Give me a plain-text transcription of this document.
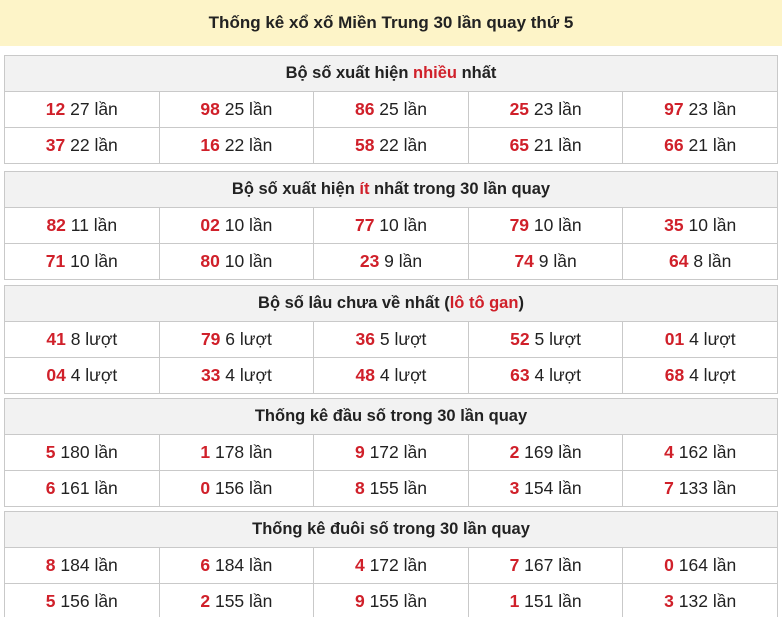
Thống kê xổ xố Miền Trung 30 lần quay thứ 5
Bộ số xuất hiện nhiều nhất				
12 27 lần	98 25 lần	86 25 lần	25 23 lần	97 23 lần
37 22 lần	16 22 lần	58 22 lần	65 21 lần	66 21 lần
Bộ số xuất hiện ít nhất trong 30 lần quay				
82 11 lần	02 10 lần	77 10 lần	79 10 lần	35 10 lần
71 10 lần	80 10 lần	23 9 lần	74 9 lần	64 8 lần
Bộ số lâu chưa về nhất (lô tô gan)				
41 8 lượt	79 6 lượt	36 5 lượt	52 5 lượt	01 4 lượt
04 4 lượt	33 4 lượt	48 4 lượt	63 4 lượt	68 4 lượt
Thống kê đầu số trong 30 lần quay				
5 180 lần	1 178 lần	9 172 lần	2 169 lần	4 162 lần
6 161 lần	0 156 lần	8 155 lần	3 154 lần	7 133 lần
Thống kê đuôi số trong 30 lần quay				
8 184 lần	6 184 lần	4 172 lần	7 167 lần	0 164 lần
5 156 lần	2 155 lần	9 155 lần	1 151 lần	3 132 lần
